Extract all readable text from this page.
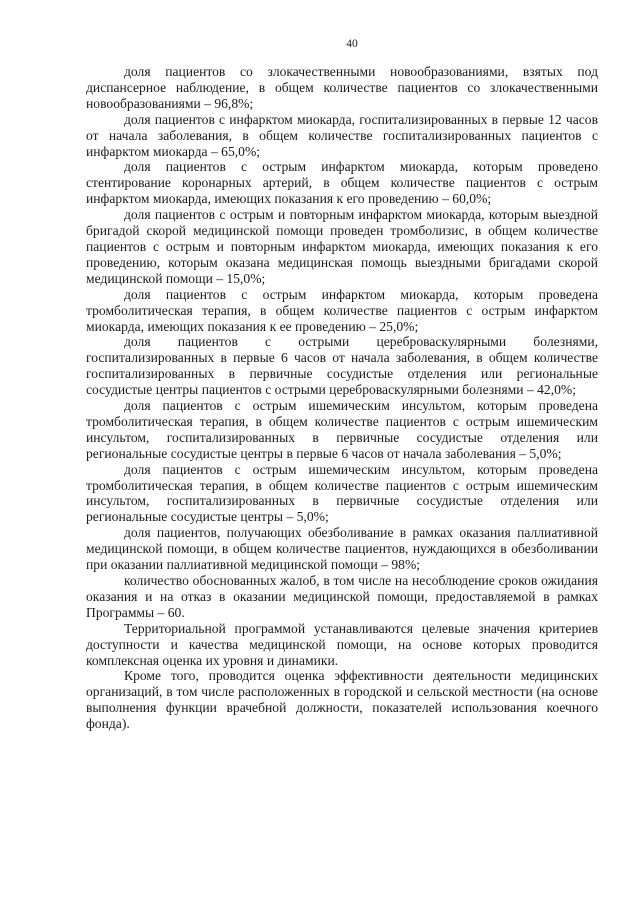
40

доля пациентов со злокачественными новообразованиями, взятых под диспансерное наблюдение, в общем количестве пациентов со злокачественными новообразованиями – 96,8%;

доля пациентов с инфарктом миокарда, госпитализированных в первые 12 часов от начала заболевания, в общем количестве госпитализированных пациентов с инфарктом миокарда – 65,0%;

доля пациентов с острым инфарктом миокарда, которым проведено стентирование коронарных артерий, в общем количестве пациентов с острым инфарктом миокарда, имеющих показания к его проведению – 60,0%;

доля пациентов с острым и повторным инфарктом миокарда, которым выездной бригадой скорой медицинской помощи проведен тромболизис, в общем количестве пациентов с острым и повторным инфарктом миокарда, имеющих показания к его проведению, которым оказана медицинская помощь выездными бригадами скорой медицинской помощи – 15,0%;

доля пациентов с острым инфарктом миокарда, которым проведена тромболитическая терапия, в общем количестве пациентов с острым инфарктом миокарда, имеющих показания к ее проведению – 25,0%;

доля пациентов с острыми цереброваскулярными болезнями, госпитализированных в первые 6 часов от начала заболевания, в общем количестве госпитализированных в первичные сосудистые отделения или региональные сосудистые центры пациентов с острыми цереброваскулярными болезнями – 42,0%;

доля пациентов с острым ишемическим инсультом, которым проведена тромболитическая терапия, в общем количестве пациентов с острым ишемическим инсультом, госпитализированных в первичные сосудистые отделения или региональные сосудистые центры в первые 6 часов от начала заболевания – 5,0%;

доля пациентов с острым ишемическим инсультом, которым проведена тромболитическая терапия, в общем количестве пациентов с острым ишемическим инсультом, госпитализированных в первичные сосудистые отделения или региональные сосудистые центры – 5,0%;

доля пациентов, получающих обезболивание в рамках оказания паллиативной медицинской помощи, в общем количестве пациентов, нуждающихся в обезболивании при оказании паллиативной медицинской помощи – 98%;

количество обоснованных жалоб, в том числе на несоблюдение сроков ожидания оказания и на отказ в оказании медицинской помощи, предоставляемой в рамках Программы – 60.

Территориальной программой устанавливаются целевые значения критериев доступности и качества медицинской помощи, на основе которых проводится комплексная оценка их уровня и динамики.

Кроме того, проводится оценка эффективности деятельности медицинских организаций, в том числе расположенных в городской и сельской местности (на основе выполнения функции врачебной должности, показателей использования коечного фонда).
